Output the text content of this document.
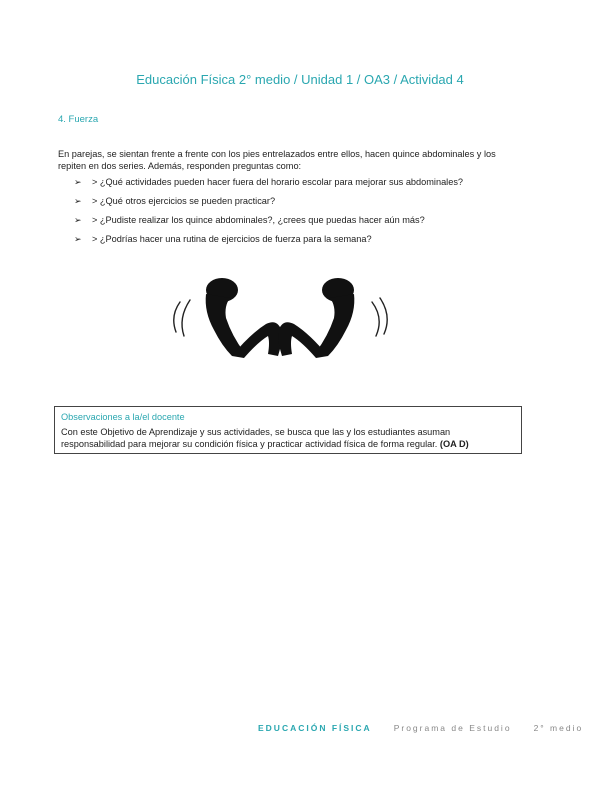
Educación Física 2° medio / Unidad 1 / OA3 / Actividad 4
4. Fuerza
En parejas, se sientan frente a frente con los pies entrelazados entre ellos, hacen quince abdominales y los repiten en dos series. Además, responden preguntas como:
➢	> ¿Qué actividades pueden hacer fuera del horario escolar para mejorar sus abdominales?
➢	> ¿Qué otros ejercicios se pueden practicar?
➢	> ¿Pudiste realizar los quince abdominales?, ¿crees que puedas hacer aún más?
➢	> ¿Podrías hacer una rutina de ejercicios de fuerza para la semana?
Observaciones a la/el docente
Con este Objetivo de Aprendizaje y sus actividades, se busca que las y los estudiantes asuman responsabilidad para mejorar su condición física y practicar actividad física de forma regular. (OA D)
EDUCACIÓN FÍSICA	Programa de Estudio	2° medio
